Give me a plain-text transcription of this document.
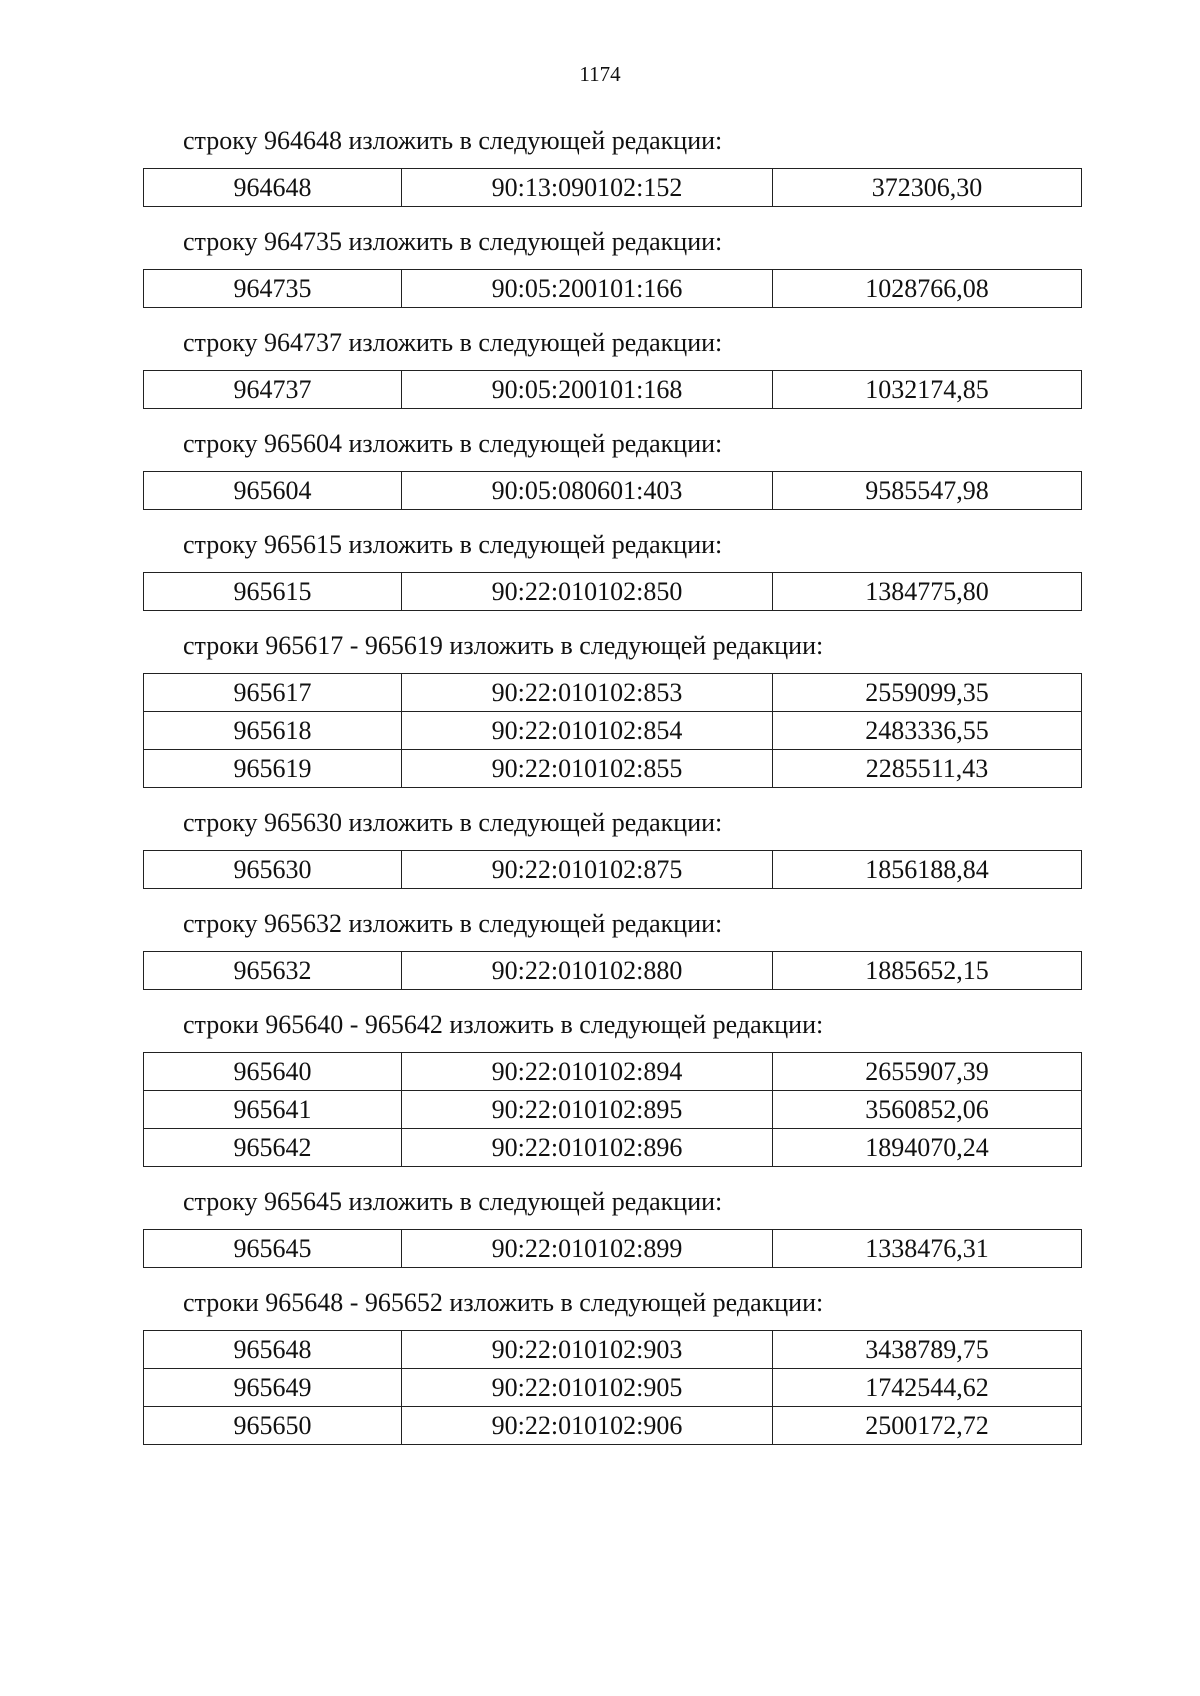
1174
строку 964648 изложить в следующей редакции:
964648	90:13:090102:152	372306,30
строку 964735 изложить в следующей редакции:
964735	90:05:200101:166	1028766,08
строку 964737 изложить в следующей редакции:
964737	90:05:200101:168	1032174,85
строку 965604 изложить в следующей редакции:
965604	90:05:080601:403	9585547,98
строку 965615 изложить в следующей редакции:
965615	90:22:010102:850	1384775,80
строки 965617 - 965619 изложить в следующей редакции:
965617	90:22:010102:853	2559099,35
965618	90:22:010102:854	2483336,55
965619	90:22:010102:855	2285511,43
строку 965630 изложить в следующей редакции:
965630	90:22:010102:875	1856188,84
строку 965632 изложить в следующей редакции:
965632	90:22:010102:880	1885652,15
строки 965640 - 965642 изложить в следующей редакции:
965640	90:22:010102:894	2655907,39
965641	90:22:010102:895	3560852,06
965642	90:22:010102:896	1894070,24
строку 965645 изложить в следующей редакции:
965645	90:22:010102:899	1338476,31
строки 965648 - 965652 изложить в следующей редакции:
965648	90:22:010102:903	3438789,75
965649	90:22:010102:905	1742544,62
965650	90:22:010102:906	2500172,72
